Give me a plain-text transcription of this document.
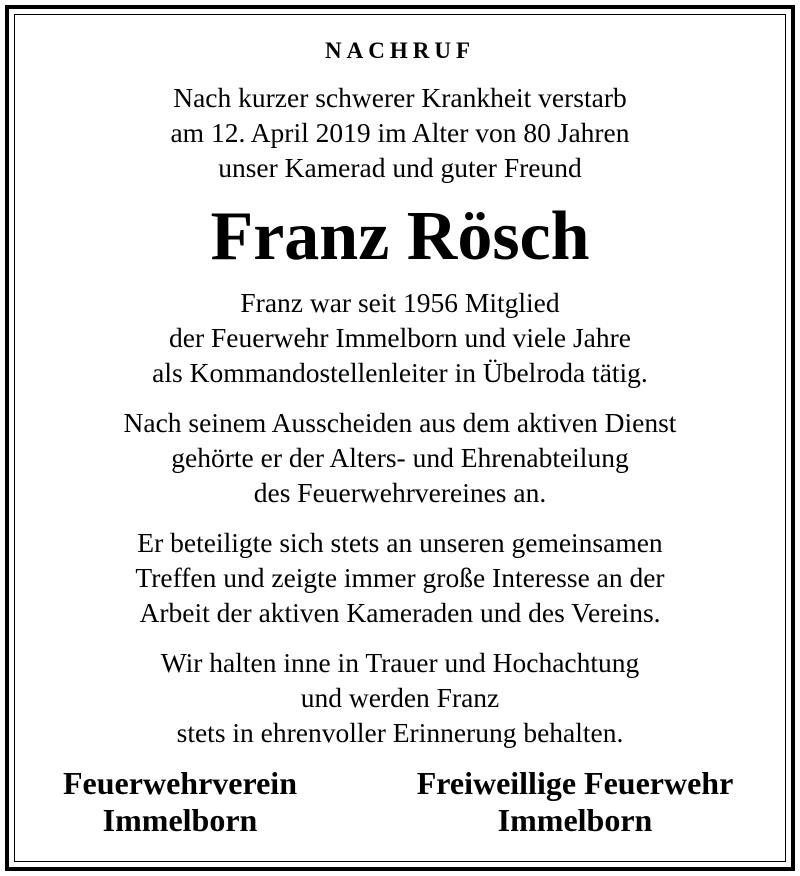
NACHRUF

Nach kurzer schwerer Krankheit verstarb
am 12. April 2019 im Alter von 80 Jahren
unser Kamerad und guter Freund

Franz Rösch

Franz war seit 1956 Mitglied
der Feuerwehr Immelborn und viele Jahre
als Kommandostellenleiter in Übelroda tätig.

Nach seinem Ausscheiden aus dem aktiven Dienst
gehörte er der Alters- und Ehrenabteilung
des Feuerwehrvereines an.

Er beteiligte sich stets an unseren gemeinsamen
Treffen und zeigte immer große Interesse an der
Arbeit der aktiven Kameraden und des Vereins.

Wir halten inne in Trauer und Hochachtung
und werden Franz
stets in ehrenvoller Erinnerung behalten.

Feuerwehrverein
Immelborn
Freiweillige Feuerwehr
Immelborn
